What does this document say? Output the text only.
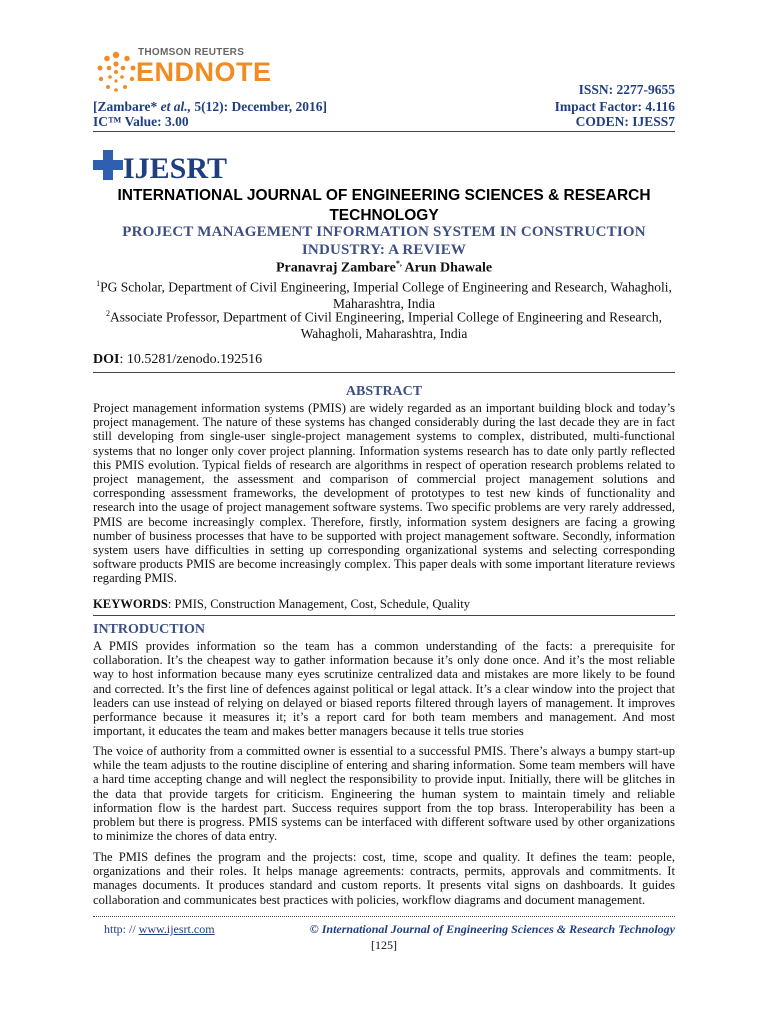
THOMSON REUTERS
ENDNOTE
ISSN: 2277-9655
[Zambare* et al., 5(12): December, 2016]	Impact Factor: 4.116
IC™ Value: 3.00	CODEN: IJESS7
IJESRT
INTERNATIONAL JOURNAL OF ENGINEERING SCIENCES & RESEARCH TECHNOLOGY
PROJECT MANAGEMENT INFORMATION SYSTEM IN CONSTRUCTION INDUSTRY: A REVIEW
Pranavraj Zambare*, Arun Dhawale
$^1$PG Scholar, Department of Civil Engineering, Imperial College of Engineering and Research, Wahagholi, Maharashtra, India
$^2$Associate Professor, Department of Civil Engineering, Imperial College of Engineering and Research, Wahagholi, Maharashtra, India
DOI: 10.5281/zenodo.192516
ABSTRACT
Project management information systems (PMIS) are widely regarded as an important building block and today’s project management. The nature of these systems has changed considerably during the last decade they are in fact still developing from single-user single-project management systems to complex, distributed, multi-functional systems that no longer only cover project planning. Information systems research has to date only partly reflected this PMIS evolution. Typical fields of research are algorithms in respect of operation research problems related to project management, the assessment and comparison of commercial project management solutions and corresponding assessment frameworks, the development of prototypes to test new kinds of functionality and research into the usage of project management software systems. Two specific problems are very rarely addressed, PMIS are become increasingly complex. Therefore, firstly, information system designers are facing a growing number of business processes that have to be supported with project management software. Secondly, information system users have difficulties in setting up corresponding organizational systems and selecting corresponding software products PMIS are become increasingly complex. This paper deals with some important literature reviews regarding PMIS.
KEYWORDS: PMIS, Construction Management, Cost, Schedule, Quality
INTRODUCTION
A PMIS provides information so the team has a common understanding of the facts: a prerequisite for collaboration. It’s the cheapest way to gather information because it’s only done once. And it’s the most reliable way to host information because many eyes scrutinize centralized data and mistakes are more likely to be found and corrected. It’s the first line of defences against political or legal attack. It’s a clear window into the project that leaders can use instead of relying on delayed or biased reports filtered through layers of management. It improves performance because it measures it; it’s a report card for both team members and management. And most important, it educates the team and makes better managers because it tells true stories
The voice of authority from a committed owner is essential to a successful PMIS. There’s always a bumpy start-up while the team adjusts to the routine discipline of entering and sharing information. Some team members will have a hard time accepting change and will neglect the responsibility to provide input. Initially, there will be glitches in the data that provide targets for criticism. Engineering the human system to maintain timely and reliable information flow is the hardest part. Success requires support from the top brass. Interoperability has been a problem but there is progress. PMIS systems can be interfaced with different software used by other organizations to minimize the chores of data entry.
The PMIS defines the program and the projects: cost, time, scope and quality. It defines the team: people, organizations and their roles. It helps manage agreements: contracts, permits, approvals and commitments. It manages documents. It produces standard and custom reports. It presents vital signs on dashboards. It guides collaboration and communicates best practices with policies, workflow diagrams and document management.
http: // www.ijesrt.com	© International Journal of Engineering Sciences & Research Technology
[125]
